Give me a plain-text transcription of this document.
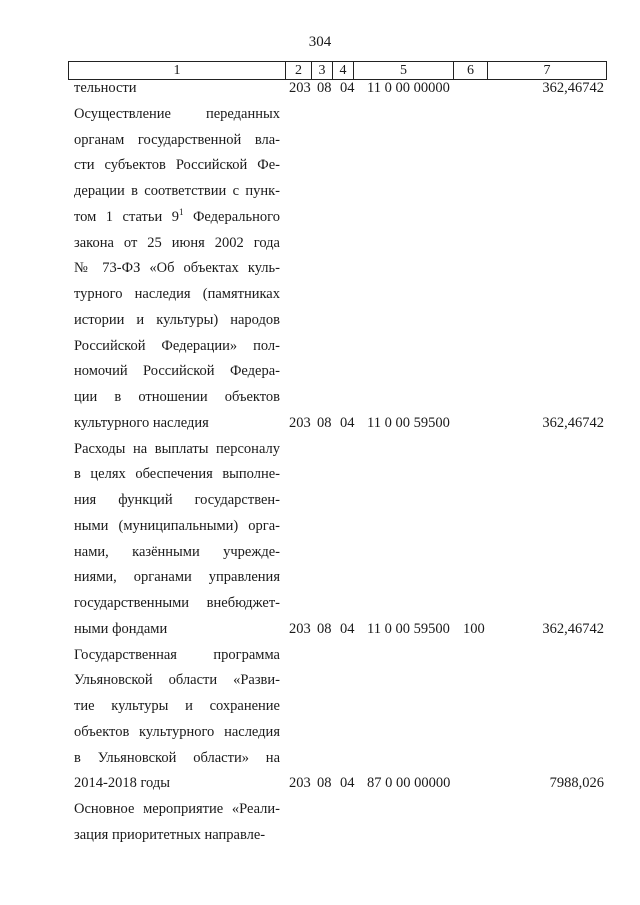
304
1	2	3	4	5	6	7
тельности	203 08 04 11 0 00 00000	362,46742
Осуществление переданных
органам государственной вла-
сти субъектов Российской Фе-
дерации в соответствии с пунк-
том 1 статьи $9^1$ Федерального
закона от 25 июня 2002 года
№ 73-ФЗ «Об объектах куль-
турного наследия (памятниках
истории и культуры) народов
Российской Федерации» пол-
номочий Российской Федера-
ции в отношении объектов
культурного наследия	203 08 04 11 0 00 59500	362,46742
Расходы на выплаты персоналу
в целях обеспечения выполне-
ния функций государствен-
ными (муниципальными) орга-
нами, казёнными учрежде-
ниями, органами управления
государственными внебюджет-
ными фондами	203 08 04 11 0 00 59500 100	362,46742
Государственная программа
Ульяновской области «Разви-
тие культуры и сохранение
объектов культурного наследия
в Ульяновской области» на
2014-2018 годы	203 08 04 87 0 00 00000	7988,026
Основное мероприятие «Реали-
зация приоритетных направле-
